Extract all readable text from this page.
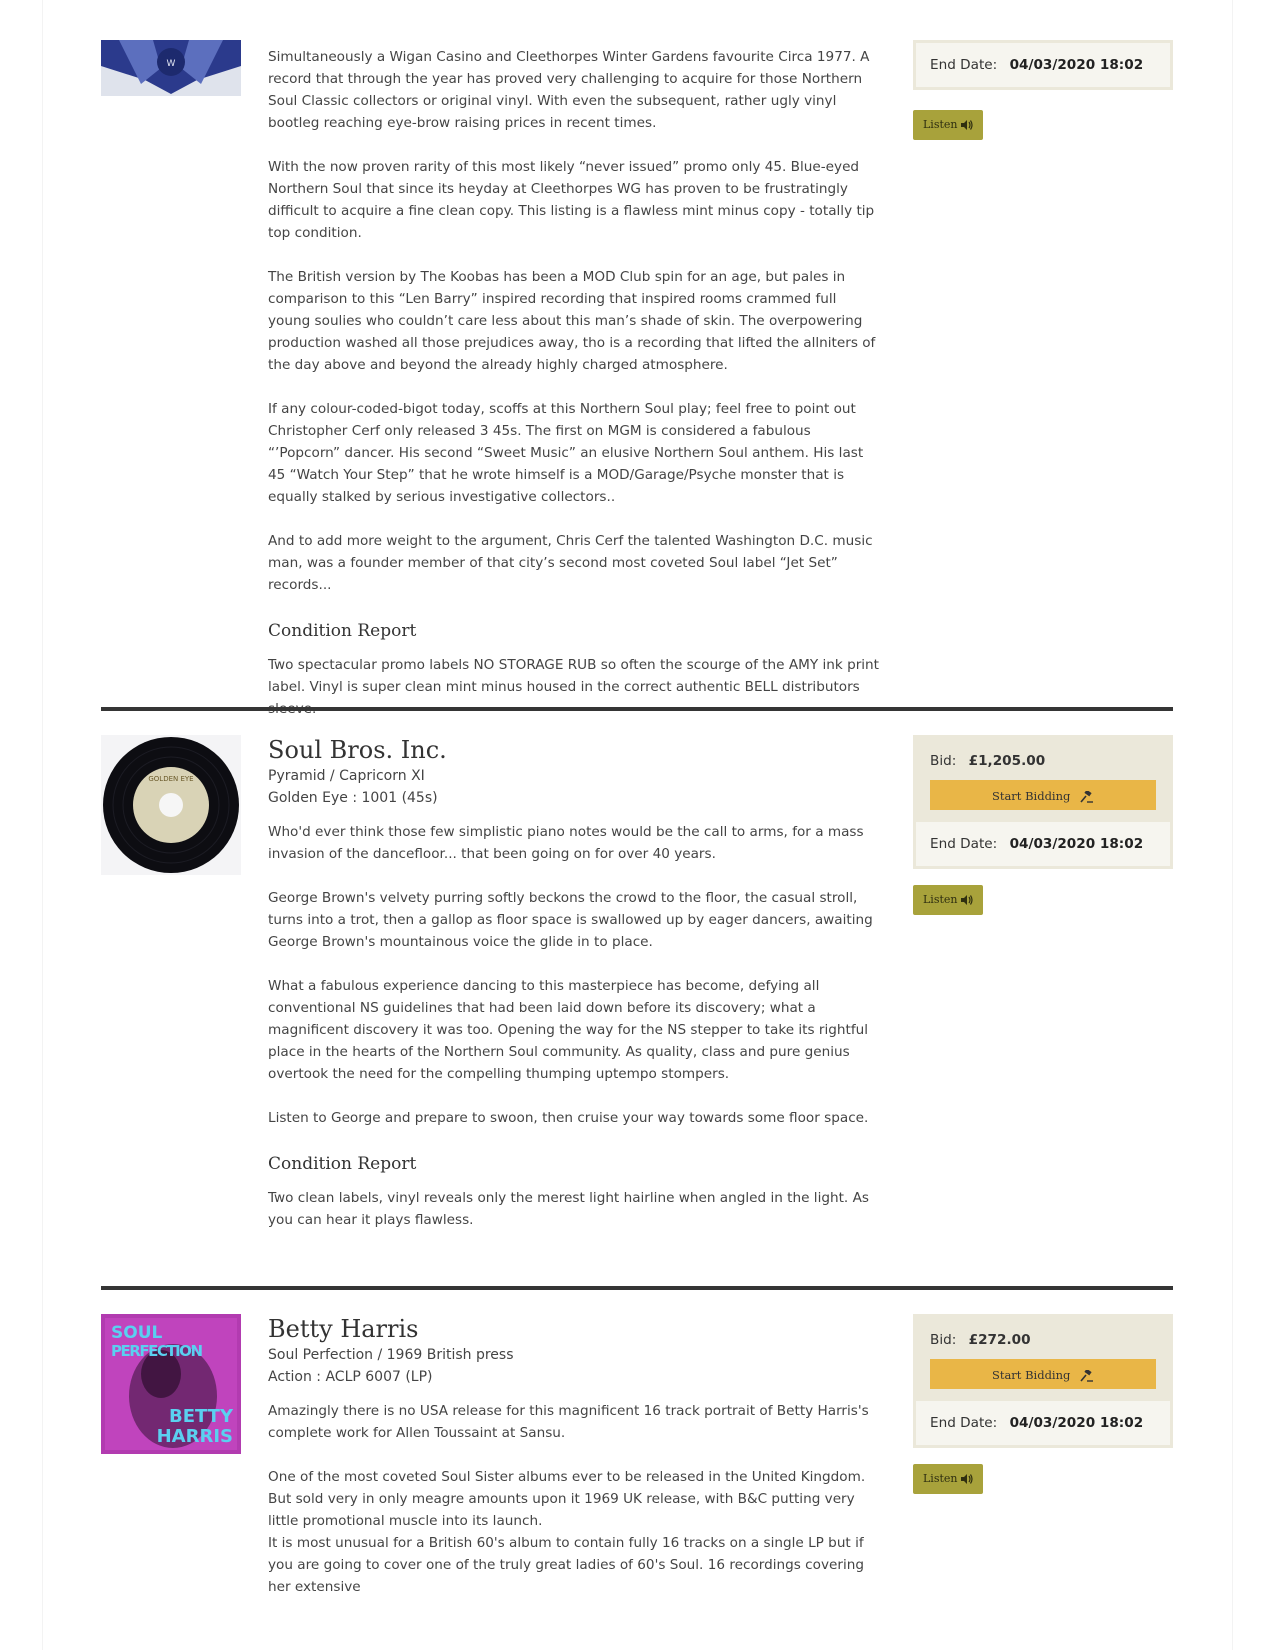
W	Simultaneously a Wigan Casino and Cleethorpes Winter Gardens favourite Circa 1977. A record that through the year has proved very challenging to acquire for those Northern Soul Classic collectors or original vinyl. With even the subsequent, rather ugly vinyl bootleg reaching eye-brow raising prices in recent times.

With the now proven rarity of this most likely “never issued” promo only 45. Blue-eyed Northern Soul that since its heyday at Cleethorpes WG has proven to be frustratingly difficult to acquire a fine clean copy. This listing is a flawless mint minus copy - totally tip top condition.

The British version by The Koobas has been a MOD Club spin for an age, but pales in comparison to this “Len Barry” inspired recording that inspired rooms crammed full young soulies who couldn’t care less about this man’s shade of skin. The overpowering production washed all those prejudices away, tho is a recording that lifted the allniters of the day above and beyond the already highly charged atmosphere.

If any colour-coded-bigot today, scoffs at this Northern Soul play; feel free to point out Christopher Cerf only released 3 45s. The first on MGM is considered a fabulous “’Popcorn” dancer. His second “Sweet Music” an elusive Northern Soul anthem. His last 45 “Watch Your Step” that he wrote himself is a MOD/Garage/Psyche monster that is equally stalked by serious investigative collectors..

And to add more weight to the argument, Chris Cerf the talented Washington D.C. music man, was a founder member of that city’s second most coveted Soul label “Jet Set” records...

Condition Report

Two spectacular promo labels NO STORAGE RUB so often the scourge of the AMY ink print label. Vinyl is super clean mint minus housed in the correct authentic BELL distributors

End Date: 04/03/2020 18:02
Listen
GOLDEN EYE
Soul Bros. Inc.

Pyramid / Capricorn XI

Golden Eye : 1001 (45s)

Who'd ever think those few simplistic piano notes would be the call to arms, for a mass invasion of the dancefloor... that been going on for over 40 years.

George Brown's velvety purring softly beckons the crowd to the floor, the casual stroll, turns into a trot, then a gallop as floor space is swallowed up by eager dancers, awaiting George Brown's mountainous voice the glide in to place.

What a fabulous experience dancing to this masterpiece has become, defying all conventional NS guidelines that had been laid down before its discovery; what a magnificent discovery it was too. Opening the way for the NS stepper to take its rightful place in the hearts of the Northern Soul community. As quality, class and pure genius overtook the need for the compelling thumping uptempo stompers.

Listen to George and prepare to swoon, then cruise your way towards some floor space.

Condition Report

Two clean labels, vinyl reveals only the merest light hairline when angled in the light. As you can hear it plays flawless.

Bid: £1,205.00
Start Bidding
End Date: 04/03/2020 18:02
Listen
SOUL
PERFECTION
BETTY
HARRIS
Betty Harris

Soul Perfection / 1969 British press

Action : ACLP 6007 (LP)

Amazingly there is no USA release for this magnificent 16 track portrait of Betty Harris's complete work for Allen Toussaint at Sansu.

One of the most coveted Soul Sister albums ever to be released in the United Kingdom. But sold very in only meagre amounts upon it 1969 UK release, with B&C putting very little promotional muscle into its launch.

It is most unusual for a British 60's album to contain fully 16 tracks on a single LP but if you are going to cover one of the truly great ladies of 60's Soul. 16 recordings covering her extensive

Bid: £272.00
Start Bidding
End Date: 04/03/2020 18:02
Listen
